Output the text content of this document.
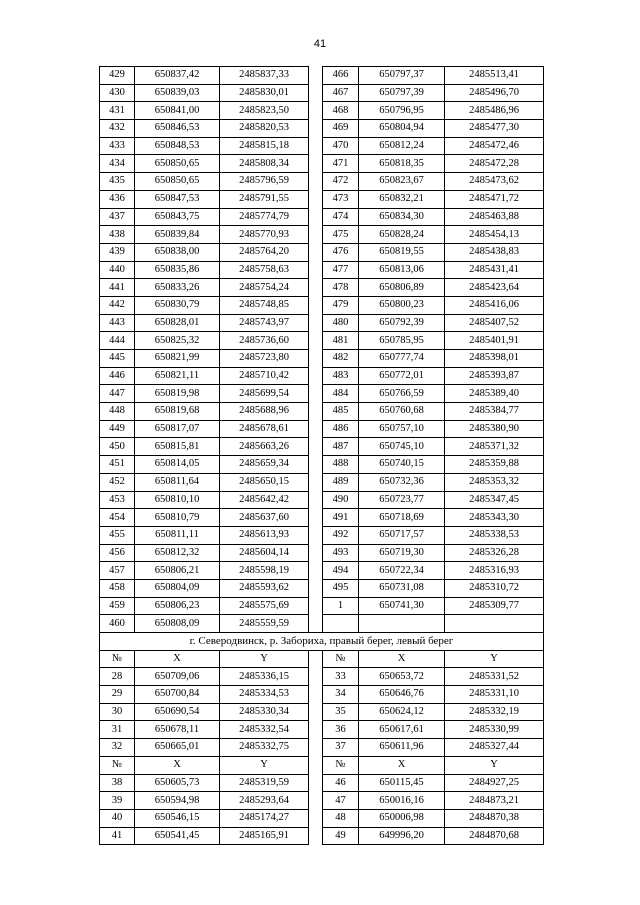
41
429	650837,42	2485837,33		466	650797,37	2485513,41
430	650839,03	2485830,01		467	650797,39	2485496,70
431	650841,00	2485823,50		468	650796,95	2485486,96
432	650846,53	2485820,53		469	650804,94	2485477,30
433	650848,53	2485815,18		470	650812,24	2485472,46
434	650850,65	2485808,34		471	650818,35	2485472,28
435	650850,65	2485796,59		472	650823,67	2485473,62
436	650847,53	2485791,55		473	650832,21	2485471,72
437	650843,75	2485774,79		474	650834,30	2485463,88
438	650839,84	2485770,93		475	650828,24	2485454,13
439	650838,00	2485764,20		476	650819,55	2485438,83
440	650835,86	2485758,63		477	650813,06	2485431,41
441	650833,26	2485754,24		478	650806,89	2485423,64
442	650830,79	2485748,85		479	650800,23	2485416,06
443	650828,01	2485743,97		480	650792,39	2485407,52
444	650825,32	2485736,60		481	650785,95	2485401,91
445	650821,99	2485723,80		482	650777,74	2485398,01
446	650821,11	2485710,42		483	650772,01	2485393,87
447	650819,98	2485699,54		484	650766,59	2485389,40
448	650819,68	2485688,96		485	650760,68	2485384,77
449	650817,07	2485678,61		486	650757,10	2485380,90
450	650815,81	2485663,26		487	650745,10	2485371,32
451	650814,05	2485659,34		488	650740,15	2485359,88
452	650811,64	2485650,15		489	650732,36	2485353,32
453	650810,10	2485642,42		490	650723,77	2485347,45
454	650810,79	2485637,60		491	650718,69	2485343,30
455	650811,11	2485613,93		492	650717,57	2485338,53
456	650812,32	2485604,14		493	650719,30	2485326,28
457	650806,21	2485598,19		494	650722,34	2485316,93
458	650804,09	2485593,62		495	650731,08	2485310,72
459	650806,23	2485575,69		1	650741,30	2485309,77
460	650808,09	2485559,59				
г. Северодвинск, р. Заборихa, правый берег, левый берег						
№	X	Y		№	X	Y
28	650709,06	2485336,15		33	650653,72	2485331,52
29	650700,84	2485334,53		34	650646,76	2485331,10
30	650690,54	2485330,34		35	650624,12	2485332,19
31	650678,11	2485332,54		36	650617,61	2485330,99
32	650665,01	2485332,75		37	650611,96	2485327,44
№	X	Y		№	X	Y
38	650605,73	2485319,59		46	650115,45	2484927,25
39	650594,98	2485293,64		47	650016,16	2484873,21
40	650546,15	2485174,27		48	650006,98	2484870,38
41	650541,45	2485165,91		49	649996,20	2484870,68
